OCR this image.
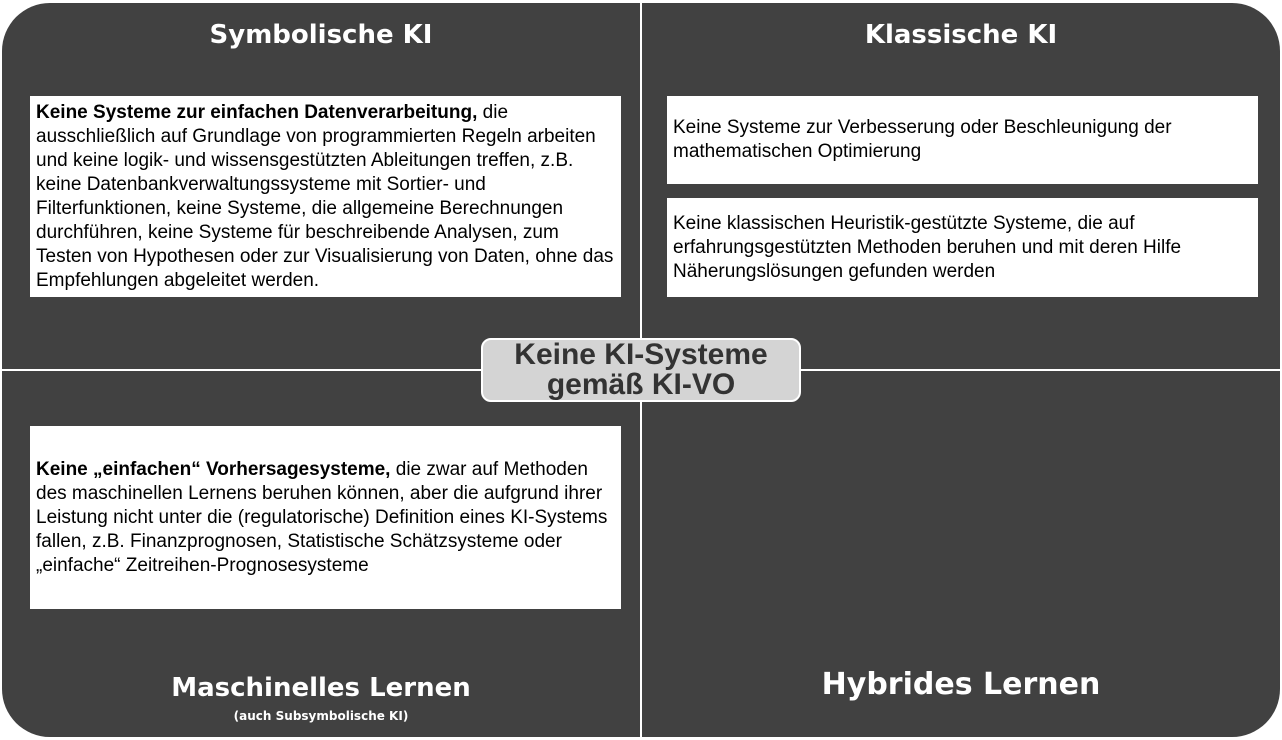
Symbolische KI

Keine Systeme zur einfachen Datenverarbeitung, die ausschließlich auf Grundlage von programmierten Regeln arbeiten und keine logik- und wissensgestützten Ableitungen treffen, z.B. keine Datenbankverwaltungssysteme mit Sortier- und Filterfunktionen, keine Systeme, die allgemeine Berechnungen durchführen, keine Systeme für beschreibende Analysen, zum Testen von Hypothesen oder zur Visualisierung von Daten, ohne das Empfehlungen abgeleitet werden.

Klassische KI

Keine Systeme zur Verbesserung oder Beschleunigung der mathematischen Optimierung

Keine klassischen Heuristik-gestützte Systeme, die auf erfahrungsgestützten Methoden beruhen und mit deren Hilfe Näherungslösungen gefunden werden

Keine „einfachen“ Vorhersagesysteme, die zwar auf Methoden des maschinellen Lernens beruhen können, aber die aufgrund ihrer Leistung nicht unter die (regulatorische) Definition eines KI-Systems fallen, z.B. Finanzprognosen, Statistische Schätzsysteme oder „einfache“ Zeitreihen-Prognosesysteme

Maschinelles Lernen
(auch Subsymbolische KI)
Hybrides Lernen
Keine KI-Systeme
gemäß KI-VO
